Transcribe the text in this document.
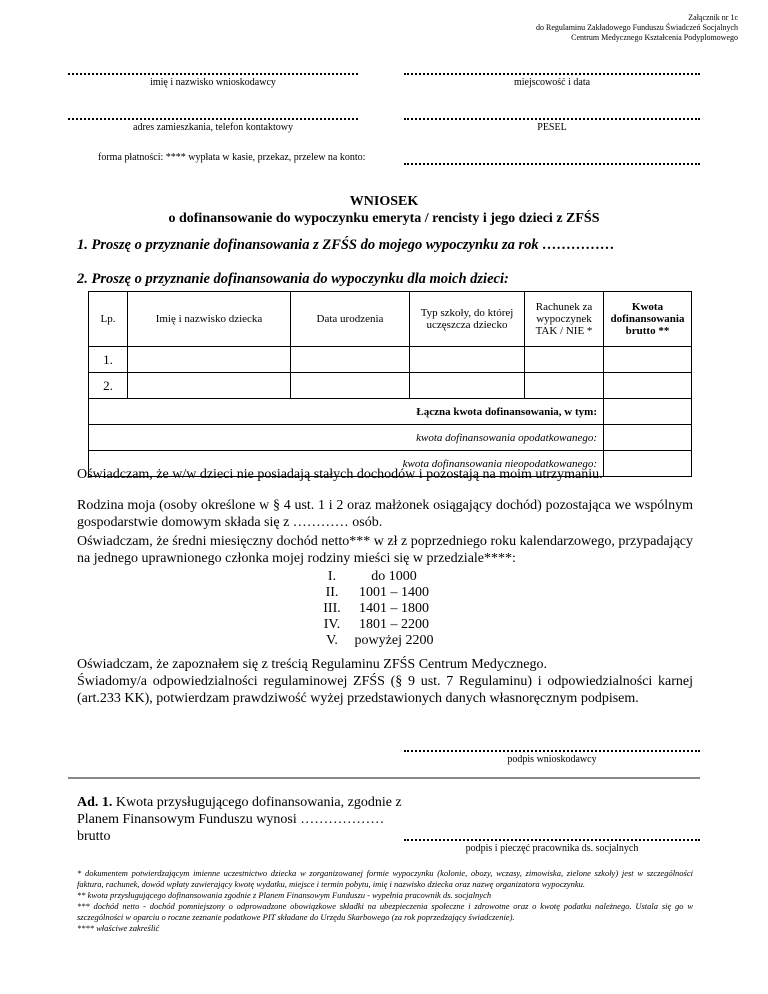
Załącznik nr 1c
do Regulaminu Zakładowego Funduszu Świadczeń Socjalnych
Centrum Medycznego Kształcenia Podyplomowego
imię i nazwisko wnioskodawcy	miejscowość i data
adres zamieszkania, telefon kontaktowy	PESEL
forma płatności: **** wypłata w kasie, przekaz, przelew na konto:
WNIOSEK
o dofinansowanie do wypoczynku emeryta / rencisty i jego dzieci z ZFŚS
1. Proszę o przyznanie dofinansowania z ZFŚS do mojego wypoczynku za rok ……………
2. Proszę o przyznanie dofinansowania do wypoczynku dla moich dzieci:
Lp.	Imię i nazwisko dziecka	Data urodzenia	Typ szkoły, do której uczęszcza dziecko	Rachunek za wypoczynek TAK / NIE *	Kwota dofinansowania brutto **
1.					
2.					
Łączna kwota dofinansowania, w tym:					
kwota dofinansowania opodatkowanego:					
kwota dofinansowania nieopodatkowanego:					
Oświadczam, że w/w dzieci nie posiadają stałych dochodów i pozostają na moim utrzymaniu.
Rodzina moja (osoby określone w § 4 ust. 1 i 2 oraz małżonek osiągający dochód) pozostająca we wspólnym gospodarstwie domowym składa się z ………… osób.
Oświadczam, że średni miesięczny dochód netto*** w zł z poprzedniego roku kalendarzowego, przypadający na jednego uprawnionego członka mojej rodziny mieści się w przedziale****:
I.	do 1000
II.	1001 – 1400
III.	1401 – 1800
IV.	1801 – 2200
V.	powyżej 2200
Oświadczam, że zapoznałem się z treścią Regulaminu ZFŚS Centrum Medycznego.
Świadomy/a odpowiedzialności regulaminowej ZFŚS (§ 9 ust. 7 Regulaminu) i odpowiedzialności karnej (art.233 KK), potwierdzam prawdziwość wyżej przedstawionych danych własnoręcznym podpisem.
podpis wnioskodawcy
Ad. 1. Kwota przysługującego dofinansowania, zgodnie z Planem Finansowym Funduszu wynosi ……………… brutto
podpis i pieczęć pracownika ds. socjalnych
* dokumentem potwierdzającym imienne uczestnictwo dziecka w zorganizowanej formie wypoczynku (kolonie, obozy, wczasy, zimowiska, zielone szkoły) jest w szczególności faktura, rachunek, dowód wpłaty zawierający kwotę wydatku, miejsce i termin pobytu, imię i nazwisko dziecka oraz nazwę organizatora wypoczynku.
** kwota przysługującego dofinansowania zgodnie z Planem Finansowym Funduszu - wypełnia pracownik ds. socjalnych
*** dochód netto - dochód pomniejszony o odprowadzone obowiązkowe składki na ubezpieczenia społeczne i zdrowotne oraz o kwotę podatku należnego. Ustala się go w szczególności w oparciu o roczne zeznanie podatkowe PIT składane do Urzędu Skarbowego (za rok poprzedzający świadczenie).
**** właściwe zakreślić
